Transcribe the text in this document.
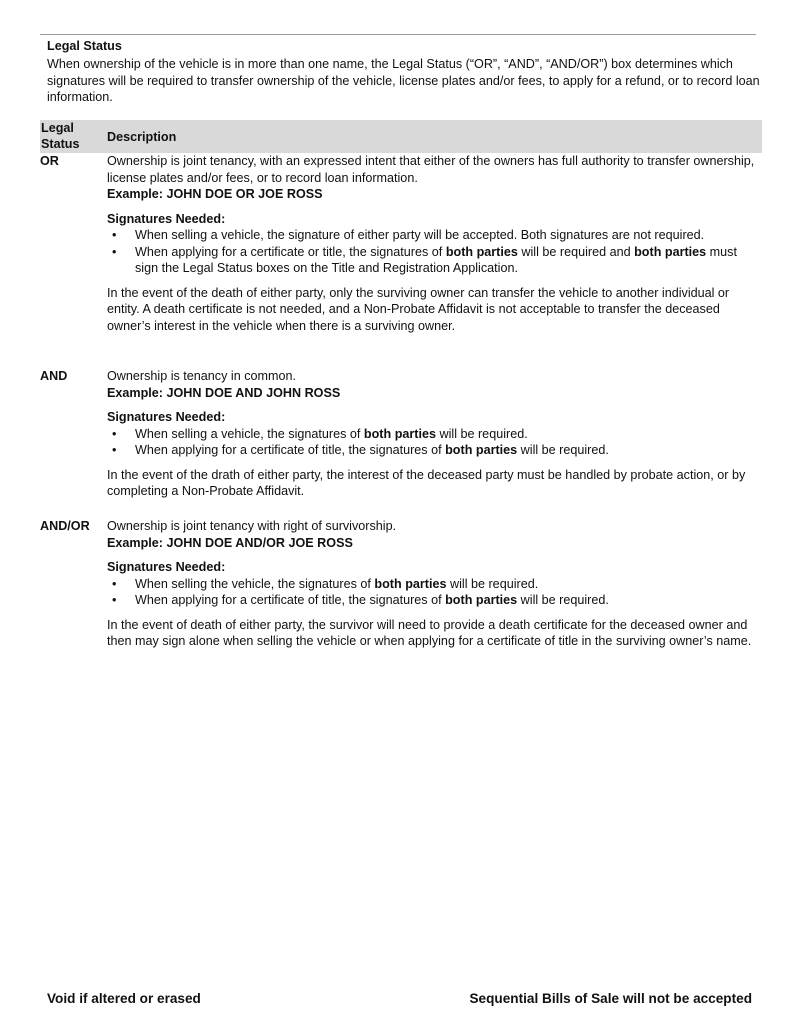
Legal Status

When ownership of the vehicle is in more than one name, the Legal Status (“OR”, “AND”, “AND/OR”) box determines which signatures will be required to transfer ownership of the vehicle, license plates and/or fees, to apply for a refund, or to record loan information.

Legal Status	Description
OR	Ownership is joint tenancy, with an expressed intent that either of the owners has full authority to transfer ownership, license plates and/or fees, or to record loan information.

Example: JOHN DOE OR JOE ROSS

Signatures Needed:

• When selling a vehicle, the signature of either party will be accepted. Both signatures are not required.
• When applying for a certificate or title, the signatures of both parties will be required and both parties must sign the Legal Status boxes on the Title and Registration Application.

In the event of the death of either party, only the surviving owner can transfer the vehicle to another individual or entity. A death certificate is not needed, and a Non-Probate Affidavit is not acceptable to transfer the deceased owner’s interest in the vehicle when there is a surviving owner.

AND	Ownership is tenancy in common.

Example: JOHN DOE AND JOHN ROSS

Signatures Needed:

• When selling a vehicle, the signatures of both parties will be required.
• When applying for a certificate of title, the signatures of both parties will be required.

In the event of the drath of either party, the interest of the deceased party must be handled by probate action, or by completing a Non-Probate Affidavit.

AND/OR Ownership is joint tenancy with right of survivorship.

Example: JOHN DOE AND/OR JOE ROSS

Signatures Needed:

• When selling the vehicle, the signatures of both parties will be required.
• When applying for a certificate of title, the signatures of both parties will be required.

In the event of death of either party, the survivor will need to provide a death certificate for the deceased owner and then may sign alone when selling the vehicle or when applying for a certificate of title in the surviving owner’s name.

Void if altered or erased	Sequential Bills of Sale will not be accepted
